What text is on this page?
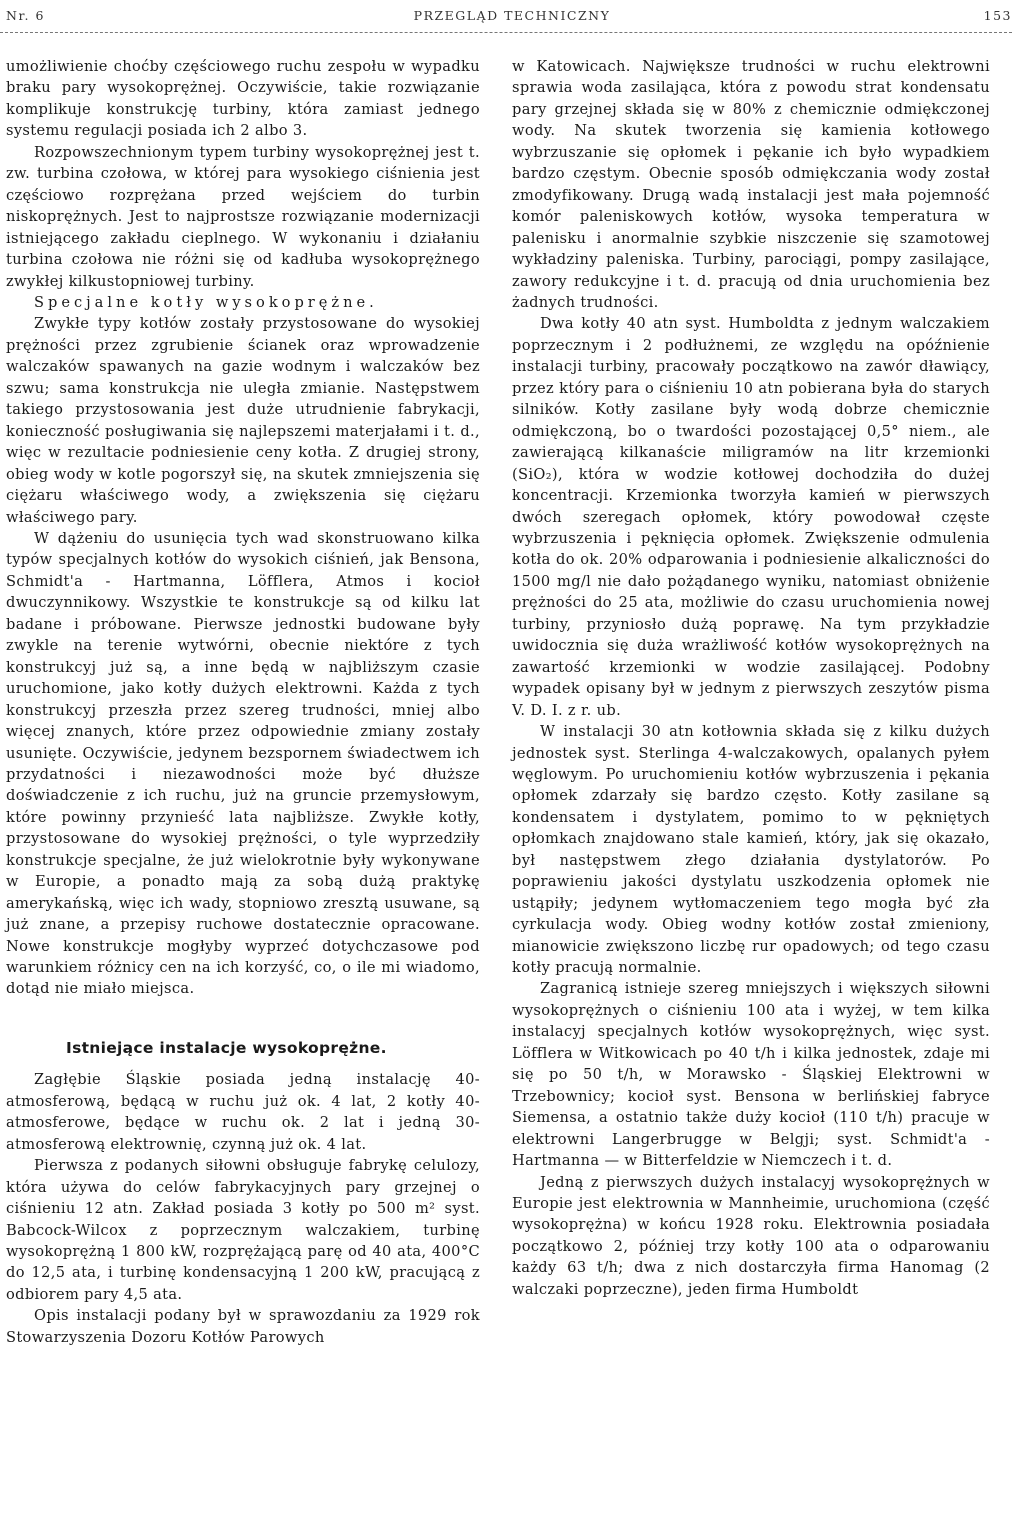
Nr. 6	PRZEGLĄD TECHNICZNY	153

umożliwienie choćby częściowego ruchu zespołu w wypadku braku pary wysokoprężnej. Oczywiście, takie rozwiązanie komplikuje konstrukcję turbiny, która zamiast jednego systemu regulacji posiada ich 2 albo 3.

Rozpowszechnionym typem turbiny wysokoprężnej jest t. zw. turbina czołowa, w której para wysokiego ciśnienia jest częściowo rozprężana przed wejściem do turbin niskoprężnych. Jest to najprostsze rozwiązanie modernizacji istniejącego zakładu cieplnego. W wykonaniu i działaniu turbina czołowa nie różni się od kadłuba wysokoprężnego zwykłej kilkustopniowej turbiny.

Specjalne kotły wysokoprężne.

Zwykłe typy kotłów zostały przystosowane do wysokiej prężności przez zgrubienie ścianek oraz wprowadzenie walczaków spawanych na gazie wodnym i walczaków bez szwu; sama konstrukcja nie uległa zmianie. Następstwem takiego przystosowania jest duże utrudnienie fabrykacji, konieczność posługiwania się najlepszemi materjałami i t. d., więc w rezultacie podniesienie ceny kotła. Z drugiej strony, obieg wody w kotle pogorszył się, na skutek zmniejszenia się ciężaru właściwego wody, a zwiększenia się ciężaru właściwego pary.

W dążeniu do usunięcia tych wad skonstruowano kilka typów specjalnych kotłów do wysokich ciśnień, jak Bensona, Schmidt'a - Hartmanna, Löfflera, Atmos i kocioł dwuczynnikowy. Wszystkie te konstrukcje są od kilku lat badane i próbowane. Pierwsze jednostki budowane były zwykle na terenie wytwórni, obecnie niektóre z tych konstrukcyj już są, a inne będą w najbliższym czasie uruchomione, jako kotły dużych elektrowni. Każda z tych konstrukcyj przeszła przez szereg trudności, mniej albo więcej znanych, które przez odpowiednie zmiany zostały usunięte. Oczywiście, jedynem bezspornem świadectwem ich przydatności i niezawodności może być dłuższe doświadczenie z ich ruchu, już na gruncie przemysłowym, które powinny przynieść lata najbliższe. Zwykłe kotły, przystosowane do wysokiej prężności, o tyle wyprzedziły konstrukcje specjalne, że już wielokrotnie były wykonywane w Europie, a ponadto mają za sobą dużą praktykę amerykańską, więc ich wady, stopniowo zresztą usuwane, są już znane, a przepisy ruchowe dostatecznie opracowane. Nowe konstrukcje mogłyby wyprzeć dotychczasowe pod warunkiem różnicy cen na ich korzyść, co, o ile mi wiadomo, dotąd nie miało miejsca.

Istniejące instalacje wysokoprężne.

Zagłębie Śląskie posiada jedną instalację 40-atmosferową, będącą w ruchu już ok. 4 lat, 2 kotły 40-atmosferowe, będące w ruchu ok. 2 lat i jedną 30-atmosferową elektrownię, czynną już ok. 4 lat.

Pierwsza z podanych siłowni obsługuje fabrykę celulozy, która używa do celów fabrykacyjnych pary grzejnej o ciśnieniu 12 atn. Zakład posiada 3 kotły po 500 m² syst. Babcock-Wilcox z poprzecznym walczakiem, turbinę wysokoprężną 1 800 kW, rozprężającą parę od 40 ata, 400°C do 12,5 ata, i turbinę kondensacyjną 1 200 kW, pracującą z odbiorem pary 4,5 ata.

Opis instalacji podany był w sprawozdaniu za 1929 rok Stowarzyszenia Dozoru Kotłów Parowych

w Katowicach. Największe trudności w ruchu elektrowni sprawia woda zasilająca, która z powodu strat kondensatu pary grzejnej składa się w 80% z chemicznie odmiękczonej wody. Na skutek tworzenia się kamienia kotłowego wybrzuszanie się opłomek i pękanie ich było wypadkiem bardzo częstym. Obecnie sposób odmiękczania wody został zmodyfikowany. Drugą wadą instalacji jest mała pojemność komór paleniskowych kotłów, wysoka temperatura w palenisku i anormalnie szybkie niszczenie się szamotowej wykładziny paleniska. Turbiny, parociągi, pompy zasilające, zawory redukcyjne i t. d. pracują od dnia uruchomienia bez żadnych trudności.

Dwa kotły 40 atn syst. Humboldta z jednym walczakiem poprzecznym i 2 podłużnemi, ze względu na opóźnienie instalacji turbiny, pracowały początkowo na zawór dławiący, przez który para o ciśnieniu 10 atn pobierana była do starych silników. Kotły zasilane były wodą dobrze chemicznie odmiękczoną, bo o twardości pozostającej 0,5° niem., ale zawierającą kilkanaście miligramów na litr krzemionki (SiO₂), która w wodzie kotłowej dochodziła do dużej koncentracji. Krzemionka tworzyła kamień w pierwszych dwóch szeregach opłomek, który powodował częste wybrzuszenia i pęknięcia opłomek. Zwiększenie odmulenia kotła do ok. 20% odparowania i podniesienie alkaliczności do 1500 mg/l nie dało pożądanego wyniku, natomiast obniżenie prężności do 25 ata, możliwie do czasu uruchomienia nowej turbiny, przyniosło dużą poprawę. Na tym przykładzie uwidocznia się duża wrażliwość kotłów wysokoprężnych na zawartość krzemionki w wodzie zasilającej. Podobny wypadek opisany był w jednym z pierwszych zeszytów pisma V. D. I. z r. ub.

W instalacji 30 atn kotłownia składa się z kilku dużych jednostek syst. Sterlinga 4-walczakowych, opalanych pyłem węglowym. Po uruchomieniu kotłów wybrzuszenia i pękania opłomek zdarzały się bardzo często. Kotły zasilane są kondensatem i dystylatem, pomimo to w pękniętych opłomkach znajdowano stale kamień, który, jak się okazało, był następstwem złego działania dystylatorów. Po poprawieniu jakości dystylatu uszkodzenia opłomek nie ustąpiły; jedynem wytłomaczeniem tego mogła być zła cyrkulacja wody. Obieg wodny kotłów został zmieniony, mianowicie zwiększono liczbę rur opadowych; od tego czasu kotły pracują normalnie.

Zagranicą istnieje szereg mniejszych i większych siłowni wysokoprężnych o ciśnieniu 100 ata i wyżej, w tem kilka instalacyj specjalnych kotłów wysokoprężnych, więc syst. Löfflera w Witkowicach po 40 t/h i kilka jednostek, zdaje mi się po 50 t/h, w Morawsko - Śląskiej Elektrowni w Trzebownicy; kocioł syst. Bensona w berlińskiej fabryce Siemensa, a ostatnio także duży kocioł (110 t/h) pracuje w elektrowni Langerbrugge w Belgji; syst. Schmidt'a - Hartmanna — w Bitterfeldzie w Niemczech i t. d.

Jedną z pierwszych dużych instalacyj wysokoprężnych w Europie jest elektrownia w Mannheimie, uruchomiona (część wysokoprężna) w końcu 1928 roku. Elektrownia posiadała początkowo 2, później trzy kotły 100 ata o odparowaniu każdy 63 t/h; dwa z nich dostarczyła firma Hanomag (2 walczaki poprzeczne), jeden firma Humboldt
